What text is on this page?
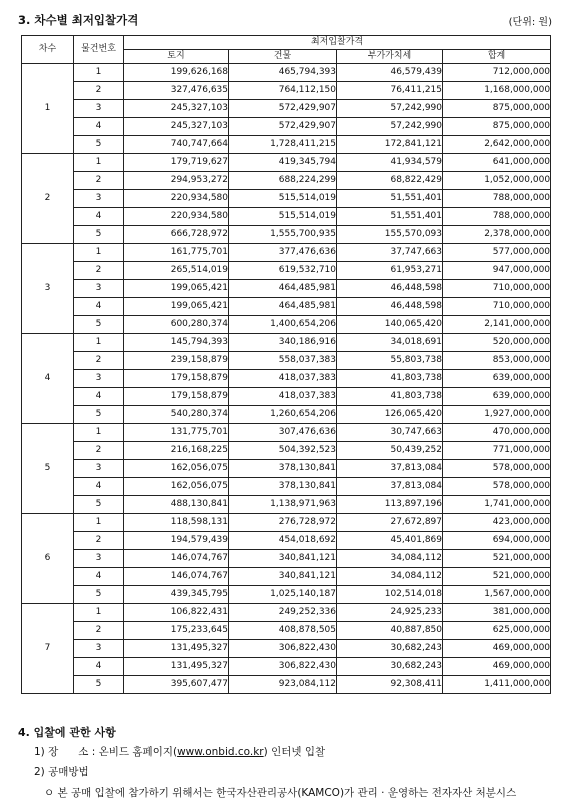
3. 차수별 최저입찰가격	(단위: 원)
차수	물건번호	최저입찰가격			
		토지	건물	부가가치세	합계
1	1	199,626,168	465,794,393	46,579,439	712,000,000
	2	327,476,635	764,112,150	76,411,215	1,168,000,000
	3	245,327,103	572,429,907	57,242,990	875,000,000
	4	245,327,103	572,429,907	57,242,990	875,000,000
	5	740,747,664	1,728,411,215	172,841,121	2,642,000,000
2	1	179,719,627	419,345,794	41,934,579	641,000,000
	2	294,953,272	688,224,299	68,822,429	1,052,000,000
	3	220,934,580	515,514,019	51,551,401	788,000,000
	4	220,934,580	515,514,019	51,551,401	788,000,000
	5	666,728,972	1,555,700,935	155,570,093	2,378,000,000
3	1	161,775,701	377,476,636	37,747,663	577,000,000
	2	265,514,019	619,532,710	61,953,271	947,000,000
	3	199,065,421	464,485,981	46,448,598	710,000,000
	4	199,065,421	464,485,981	46,448,598	710,000,000
	5	600,280,374	1,400,654,206	140,065,420	2,141,000,000
4	1	145,794,393	340,186,916	34,018,691	520,000,000
	2	239,158,879	558,037,383	55,803,738	853,000,000
	3	179,158,879	418,037,383	41,803,738	639,000,000
	4	179,158,879	418,037,383	41,803,738	639,000,000
	5	540,280,374	1,260,654,206	126,065,420	1,927,000,000
5	1	131,775,701	307,476,636	30,747,663	470,000,000
	2	216,168,225	504,392,523	50,439,252	771,000,000
	3	162,056,075	378,130,841	37,813,084	578,000,000
	4	162,056,075	378,130,841	37,813,084	578,000,000
	5	488,130,841	1,138,971,963	113,897,196	1,741,000,000
6	1	118,598,131	276,728,972	27,672,897	423,000,000
	2	194,579,439	454,018,692	45,401,869	694,000,000
	3	146,074,767	340,841,121	34,084,112	521,000,000
	4	146,074,767	340,841,121	34,084,112	521,000,000
	5	439,345,795	1,025,140,187	102,514,018	1,567,000,000
7	1	106,822,431	249,252,336	24,925,233	381,000,000
	2	175,233,645	408,878,505	40,887,850	625,000,000
	3	131,495,327	306,822,430	30,682,243	469,000,000
	4	131,495,327	306,822,430	30,682,243	469,000,000
	5	395,607,477	923,084,112	92,308,411	1,411,000,000
4. 입찰에 관한 사항
1) 장      소 : 온비드 홈페이지(www.onbid.co.kr) 인터넷 입찰
2) 공매방법
ㅇ 본 공매 입찰에 참가하기 위해서는 한국자산관리공사(KAMCO)가 관리 · 운영하는 전자자산 처분시스
